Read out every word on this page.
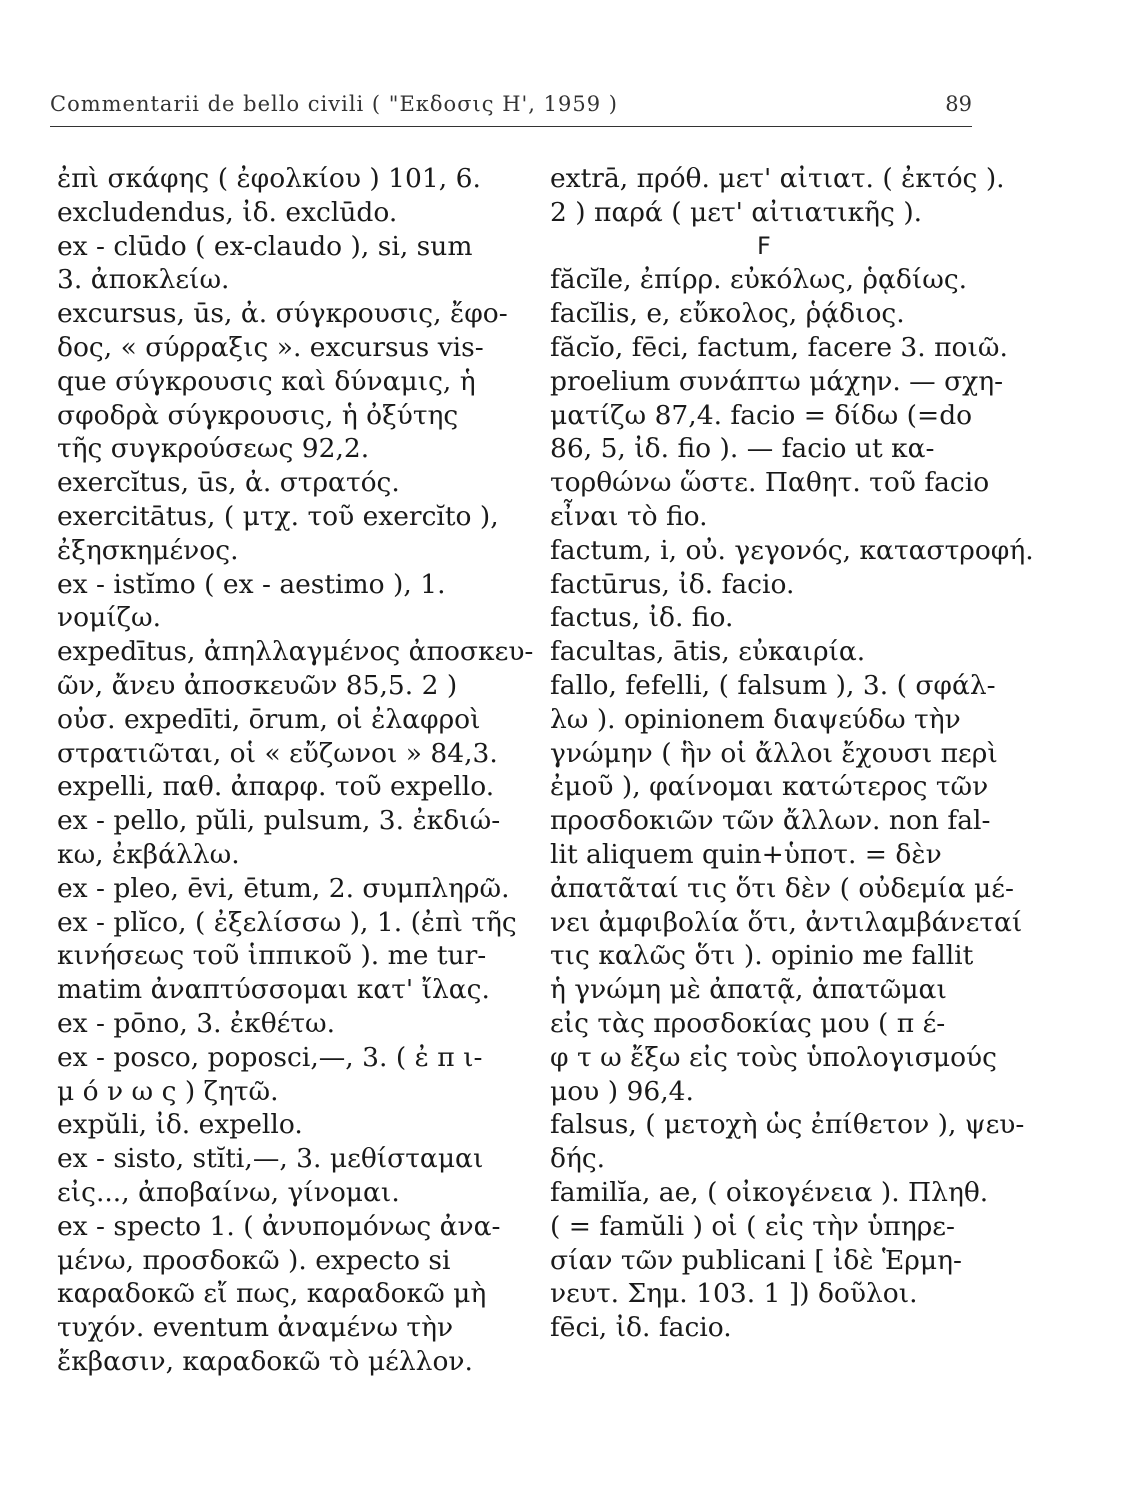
Commentarii de bello civili ( "Εκδοσις Η', 1959 )	89
ἐπὶ σκάφης ( ἐφολκίου ) 101, 6.
excludendus, ἰδ. exclūdo.
ex - clūdo ( ex-claudo ), si, sum
3. ἀποκλείω.
excursus, ūs, ἀ. σύγκρουσις, ἔφο-
δος, « σύρραξις ». excursus vis-
que σύγκρουσις καὶ δύναμις, ἡ
σφοδρὰ σύγκρουσις, ἡ ὀξύτης
τῆς συγκρούσεως 92,2.
exercĭtus, ūs, ἀ. στρατός.
exercitātus, ( μτχ. τοῦ exercĭto ),
ἐξησκημένος.
ex - istĭmo ( ex - aestimo ), 1.
νομίζω.
expedītus, ἀπηλλαγμένος ἀποσκευ-
ῶν, ἄνευ ἀποσκευῶν 85,5. 2 )
οὐσ. expedīti, ōrum, οἱ ἐλαφροὶ
στρατιῶται, οἱ « εὔζωνοι » 84,3.
expelli, παθ. ἀπαρφ. τοῦ expello.
ex - pello, pŭli, pulsum, 3. ἐκδιώ-
κω, ἐκβάλλω.
ex - pleo, ēvi, ētum, 2. συμπληρῶ.
ex - plĭco, ( ἐξελίσσω ), 1. (ἐπὶ τῆς
κινήσεως τοῦ ἱππικοῦ ). me tur-
matim ἀναπτύσσομαι κατ' ἴλας.
ex - pōno, 3. ἐκθέτω.
ex - posco, poposci,—, 3. ( ἐ π ι-
μ ό ν ω ς ) ζητῶ.
expŭli, ἰδ. expello.
ex - sisto, stĭti,—, 3. μεθίσταμαι
εἰς..., ἀποβαίνω, γίνομαι.
ex - specto 1. ( ἀνυπομόνως ἀνα-
μένω, προσδοκῶ ). expecto si
καραδοκῶ εἴ πως, καραδοκῶ μὴ
τυχόν. eventum ἀναμένω τὴν
ἔκβασιν, καραδοκῶ τὸ μέλλον.
extrā, πρόθ. μετ' αἰτιατ. ( ἐκτός ).
2 ) παρά ( μετ' αἰτιατικῆς ).
F
făcĭle, ἐπίρρ. εὐκόλως, ῥᾳδίως.
facĭlis, e, εὔκολος, ῥᾴδιος.
făcĭo, fēci, factum, facere 3. ποιῶ.
proelium συνάπτω μάχην. — σχη-
ματίζω 87,4. facio = δίδω (=do
86, 5, ἰδ. fio ). — facio ut κα-
τορθώνω ὥστε. Παθητ. τοῦ facio
εἶναι τὸ fio.
factum, i, οὐ. γεγονός, καταστροφή.
factūrus, ἰδ. facio.
factus, ἰδ. fio.
facultas, ātis, εὐκαιρία.
fallo, fefelli, ( falsum ), 3. ( σφάλ-
λω ). opinionem διαψεύδω τὴν
γνώμην ( ἣν οἱ ἄλλοι ἔχουσι περὶ
ἐμοῦ ), φαίνομαι κατώτερος τῶν
προσδοκιῶν τῶν ἄλλων. non fal-
lit aliquem quin+ὑποτ. = δὲν
ἀπατᾶταί τις ὅτι δὲν ( οὐδεμία μέ-
νει ἀμφιβολία ὅτι, ἀντιλαμβάνεταί
τις καλῶς ὅτι ). opinio me fallit
ἡ γνώμη μὲ ἀπατᾷ, ἀπατῶμαι
εἰς τὰς προσδοκίας μου ( π έ-
φ τ ω ἔξω εἰς τοὺς ὑπολογισμούς
μου ) 96,4.
falsus, ( μετοχὴ ὡς ἐπίθετον ), ψευ-
δής.
familĭa, ae, ( οἰκογένεια ). Πληθ.
( = famŭli ) οἱ ( εἰς τὴν ὑπηρε-
σίαν τῶν publicani [ ἰδὲ Ἑρμη-
νευτ. Σημ. 103. 1 ]) δοῦλοι.
fēci, ἰδ. facio.
